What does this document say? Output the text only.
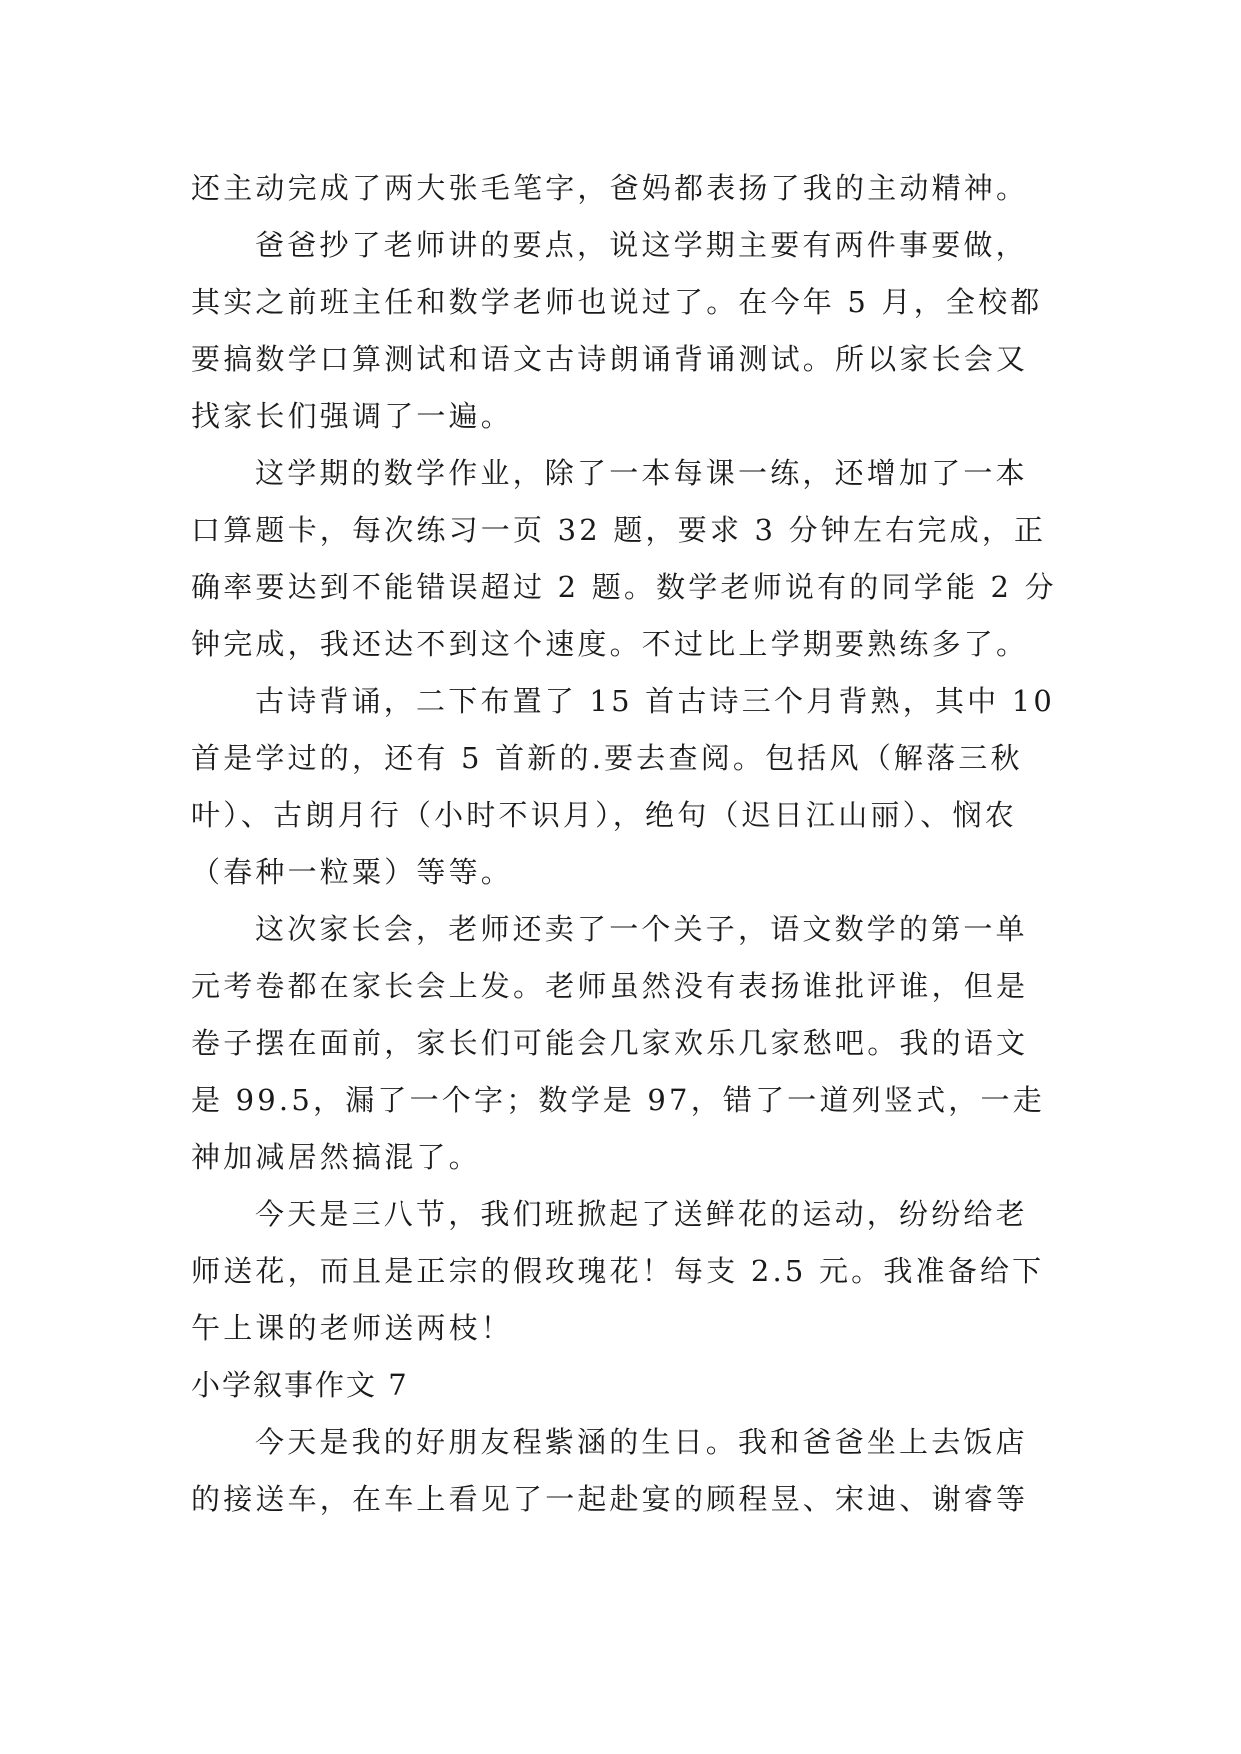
还主动完成了两大张毛笔字，爸妈都表扬了我的主动精神。
爸爸抄了老师讲的要点，说这学期主要有两件事要做，
其实之前班主任和数学老师也说过了。在今年 5 月，全校都
要搞数学口算测试和语文古诗朗诵背诵测试。所以家长会又
找家长们强调了一遍。
这学期的数学作业，除了一本每课一练，还增加了一本
口算题卡，每次练习一页 32 题，要求 3 分钟左右完成，正
确率要达到不能错误超过 2 题。数学老师说有的同学能 2 分
钟完成，我还达不到这个速度。不过比上学期要熟练多了。
古诗背诵，二下布置了 15 首古诗三个月背熟，其中 10
首是学过的，还有 5 首新的.要去查阅。包括风（解落三秋
叶）、古朗月行（小时不识月），绝句（迟日江山丽）、悯农
（春种一粒粟）等等。
这次家长会，老师还卖了一个关子，语文数学的第一单
元考卷都在家长会上发。老师虽然没有表扬谁批评谁，但是
卷子摆在面前，家长们可能会几家欢乐几家愁吧。我的语文
是 99.5，漏了一个字；数学是 97，错了一道列竖式，一走
神加减居然搞混了。
今天是三八节，我们班掀起了送鲜花的运动，纷纷给老
师送花，而且是正宗的假玫瑰花！每支 2.5 元。我准备给下
午上课的老师送两枝！
小学叙事作文 7
今天是我的好朋友程紫涵的生日。我和爸爸坐上去饭店
的接送车，在车上看见了一起赴宴的顾程昱、宋迪、谢睿等
